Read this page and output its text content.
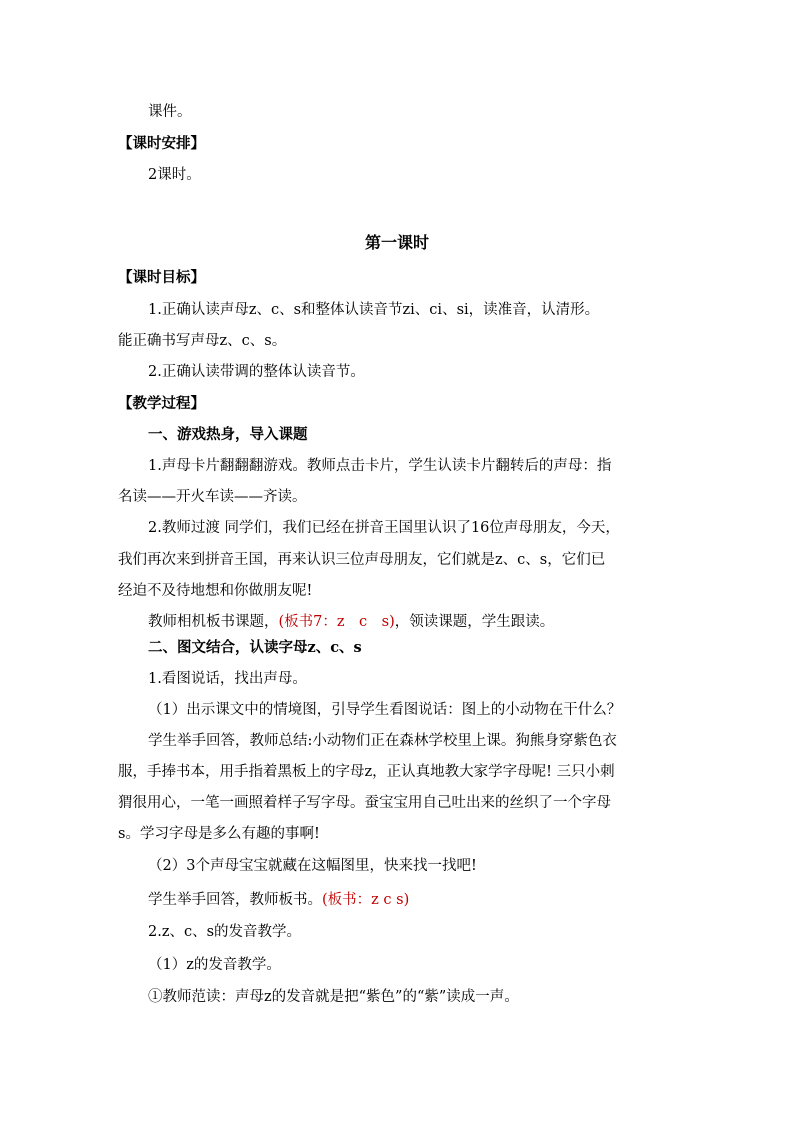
课件。
【课时安排】
2课时。
第一课时
【课时目标】
1.正确认读声母z、c、s和整体认读音节zi、ci、si，读准音，认清形。
能正确书写声母z、c、s。
2.正确认读带调的整体认读音节。
【教学过程】
一、游戏热身，导入课题
1.声母卡片翻翻翻游戏。教师点击卡片，学生认读卡片翻转后的声母：指
名读——开火车读——齐读。
2.教师过渡 同学们，我们已经在拼音王国里认识了16位声母朋友，今天，
我们再次来到拼音王国，再来认识三位声母朋友，它们就是z、c、s，它们已
经迫不及待地想和你做朋友呢!
教师相机板书课题，(板书7：z　c　s)，领读课题，学生跟读。
二、图文结合，认读字母z、c、s
1.看图说话，找出声母。
（1）出示课文中的情境图，引导学生看图说话：图上的小动物在干什么？
学生举手回答，教师总结:小动物们正在森林学校里上课。狗熊身穿紫色衣
服，手捧书本，用手指着黑板上的字母z，正认真地教大家学字母呢! 三只小刺
猬很用心，一笔一画照着样子写字母。蚕宝宝用自己吐出来的丝织了一个字母
s。学习字母是多么有趣的事啊!
（2）3个声母宝宝就藏在这幅图里，快来找一找吧!
学生举手回答，教师板书。(板书：z c s)
2.z、c、s的发音教学。
（1）z的发音教学。
①教师范读：声母z的发音就是把“紫色”的“紫”读成一声。
